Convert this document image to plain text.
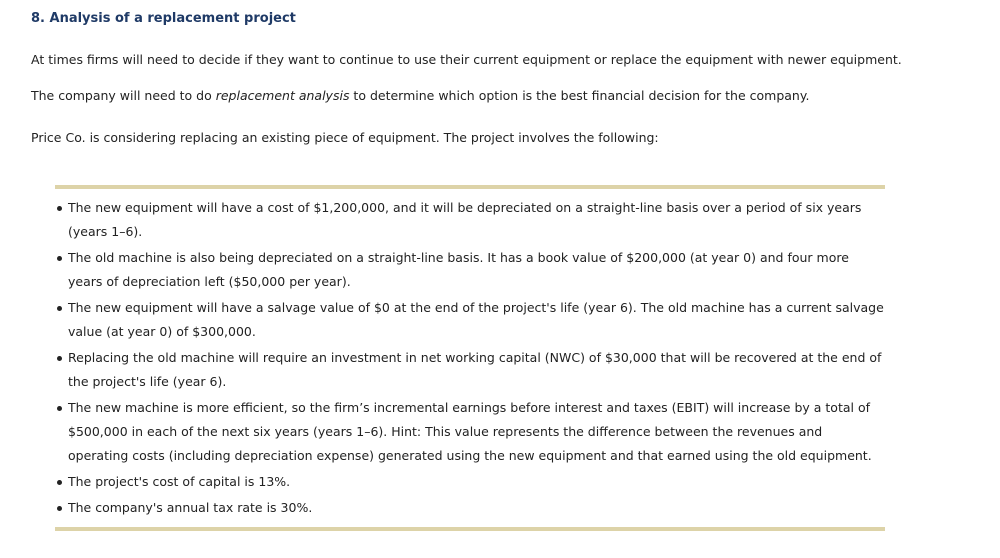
8. Analysis of a replacement project
At times firms will need to decide if they want to continue to use their current equipment or replace the equipment with newer equipment.
The company will need to do replacement analysis to determine which option is the best financial decision for the company.
Price Co. is considering replacing an existing piece of equipment. The project involves the following:
The new equipment will have a cost of $1,200,000, and it will be depreciated on a straight-line basis over a period of six years (years 1–6).
The old machine is also being depreciated on a straight-line basis. It has a book value of $200,000 (at year 0) and four more years of depreciation left ($50,000 per year).
The new equipment will have a salvage value of $0 at the end of the project's life (year 6). The old machine has a current salvage value (at year 0) of $300,000.
Replacing the old machine will require an investment in net working capital (NWC) of $30,000 that will be recovered at the end of the project's life (year 6).
The new machine is more efficient, so the firm’s incremental earnings before interest and taxes (EBIT) will increase by a total of $500,000 in each of the next six years (years 1–6). Hint: This value represents the difference between the revenues and operating costs (including depreciation expense) generated using the new equipment and that earned using the old equipment.
The project's cost of capital is 13%.
The company's annual tax rate is 30%.
